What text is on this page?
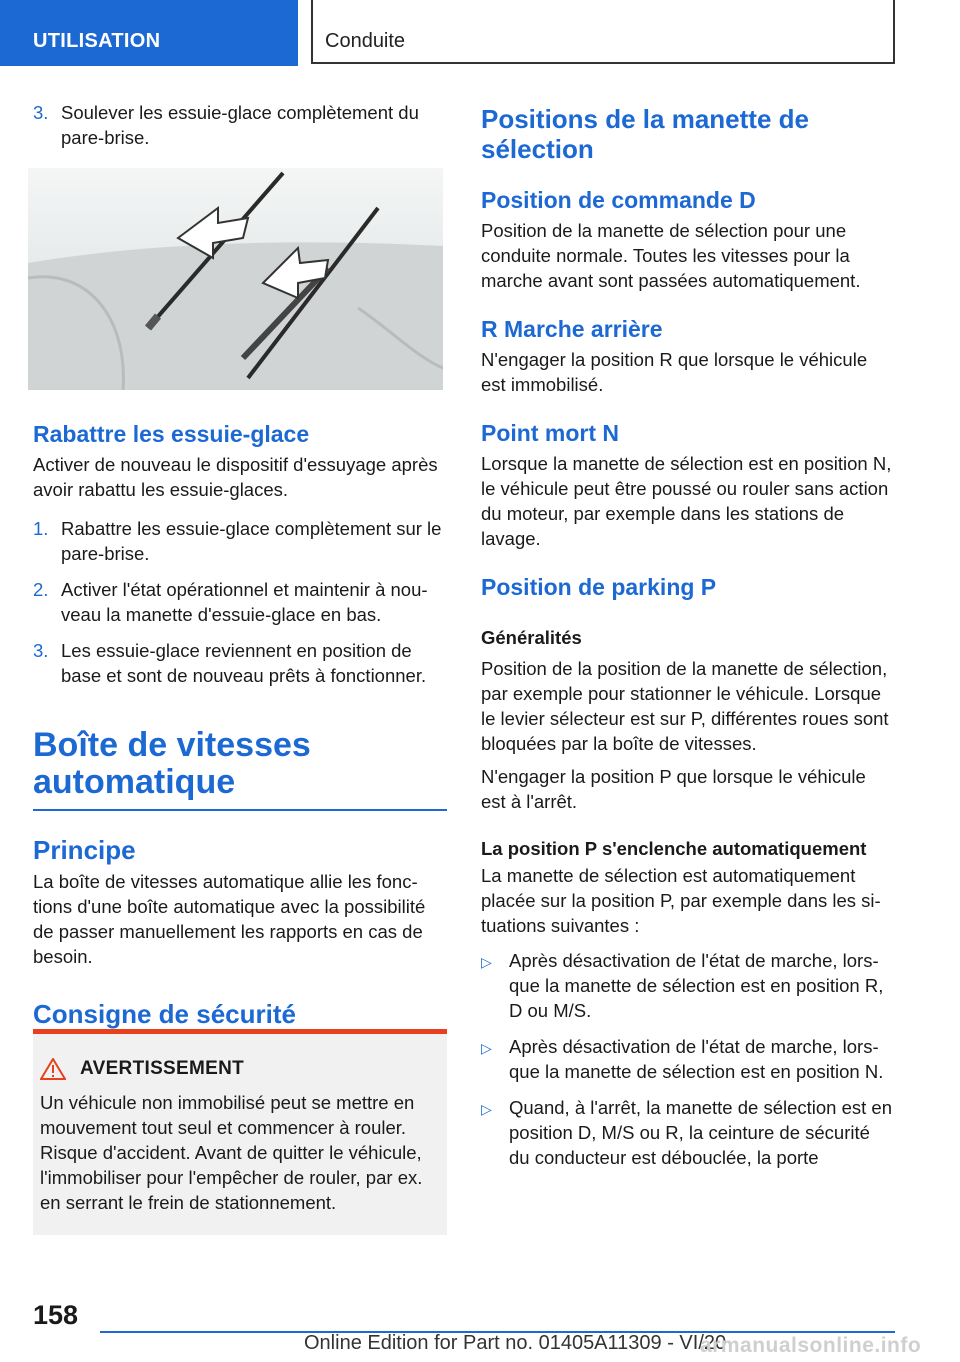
UTILISATION	Conduite
3. Soulever les essuie-glace complètement du pare-brise.
Rabattre les essuie-glace

Activer de nouveau le dispositif d'essuyage après avoir rabattu les essuie-glaces.

1. Rabattre les essuie-glace complètement sur le pare-brise.
2. Activer l'état opérationnel et maintenir à nouveau la manette d'essuie-glace en bas.
3. Les essuie-glace reviennent en position de base et sont de nouveau prêts à fonctionner.
Boîte de vitesses
automatique
Principe

La boîte de vitesses automatique allie les fonctions d'une boîte automatique avec la possibilité de passer manuellement les rapports en cas de besoin.

Consigne de sécurité
AVERTISSEMENT
Un véhicule non immobilisé peut se mettre en mouvement tout seul et commencer à rouler. Risque d'accident. Avant de quitter le véhicule, l'immobiliser pour l'empêcher de rouler, par ex. en serrant le frein de stationnement.
Positions de la manette de sélection
Position de commande D

Position de la manette de sélection pour une conduite normale. Toutes les vitesses pour la marche avant sont passées automatiquement.

R Marche arrière

N'engager la position R que lorsque le véhicule est immobilisé.

Point mort N

Lorsque la manette de sélection est en position N, le véhicule peut être poussé ou rouler sans action du moteur, par exemple dans les stations de lavage.

Position de parking P
Généralités

Position de la position de la manette de sélection, par exemple pour stationner le véhicule. Lorsque le levier sélecteur est sur P, différentes roues sont bloquées par la boîte de vitesses.

N'engager la position P que lorsque le véhicule est à l'arrêt.

La position P s'enclenche automatiquement

La manette de sélection est automatiquement placée sur la position P, par exemple dans les situations suivantes :

▷ Après désactivation de l'état de marche, lorsque la manette de sélection est en position R, D ou M/S.
▷ Après désactivation de l'état de marche, lorsque la manette de sélection est en position N.
▷ Quand, à l'arrêt, la manette de sélection est en position D, M/S ou R, la ceinture de sécurité du conducteur est débouclée, la porte
158
Online Edition for Part no. 01405A11309 - VI/20
armanualsonline.info
